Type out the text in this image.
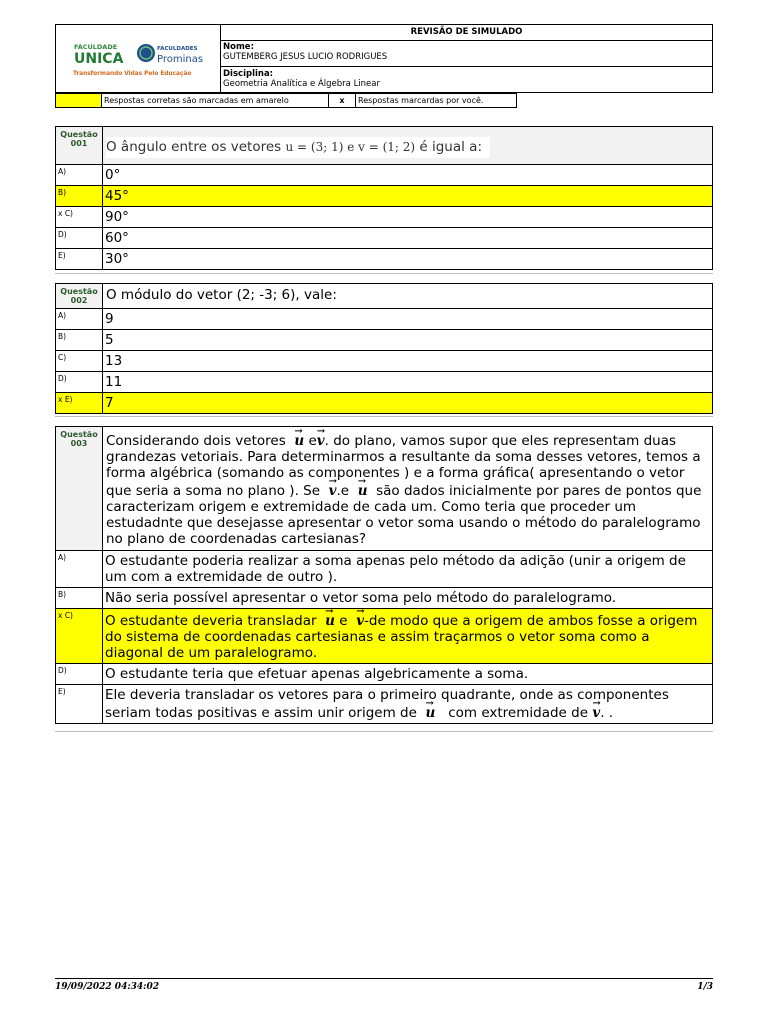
FACULDADE
UNICA
Transformando Vidas Pelo Educação
FACULDADES
Prominas
REVISÃO DE SIMULADO
Nome:
GUTEMBERG JESUS LUCIO RODRIGUES
Disciplina:
Geometria Analítica e Álgebra Linear
Respostas corretas são marcadas em amarelo	x	Respostas marcardas por você.
Questão
001	O ângulo entre os vetores u = (3; 1) e v = (1; 2) é igual a:
A)	0°
B)	45°
x C)	90°
D)	60°
E)	30°
Questão
002	O módulo do vetor (2; -3; 6), vale:
A)	9
B)	5
C)	13
D)	11
x E)	7
Questão
003	Considerando dois vetores → u e→ v. do plano, vamos supor que eles representam duas grandezas vetoriais. Para determinarmos a resultante da soma desses vetores, temos a forma algébrica (somando as componentes ) e a forma gráfica( apresentando o vetor que seria a soma no plano ). Se → v.e → u são dados inicialmente por pares de pontos que caracterizam origem e extremidade de cada um. Como teria que proceder um estudadnte que desejasse apresentar o vetor soma usando o método do paralelogramo no plano de coordenadas cartesianas?
A)	O estudante poderia realizar a soma apenas pelo método da adição (unir a origem de um com a extremidade de outro ).
B)	Não seria possível apresentar o vetor soma pelo método do paralelogramo.
x C)	O estudante deveria transladar → u e → v-de modo que a origem de ambos fosse a origem do sistema de coordenadas cartesianas e assim traçarmos o vetor soma como a diagonal de um paralelogramo.
D)	O estudante teria que efetuar apenas algebricamente a soma.
E)	Ele deveria transladar os vetores para o primeiro quadrante, onde as componentes seriam todas positivas e assim unir origem de → u com extremidade de → v. .
19/09/2022 04:34:02	1/3
